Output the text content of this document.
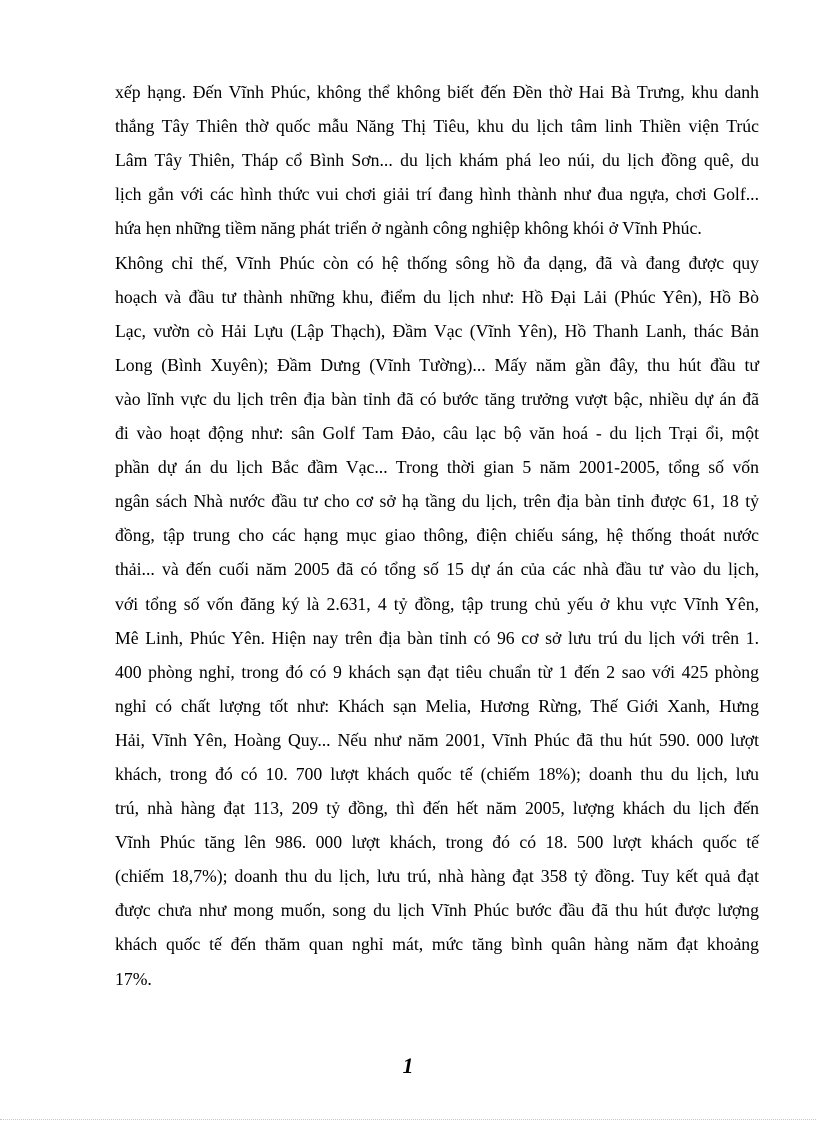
xếp hạng. Đến Vĩnh Phúc, không thể không biết đến Đền thờ Hai Bà Trưng, khu danh
thắng Tây Thiên thờ quốc mẫu Năng Thị Tiêu, khu du lịch tâm linh Thiền viện Trúc
Lâm Tây Thiên, Tháp cổ Bình Sơn... du lịch khám phá leo núi, du lịch đồng quê, du
lịch gắn với các hình thức vui chơi giải trí đang hình thành như đua ngựa, chơi Golf...
hứa hẹn những tiềm năng phát triển ở ngành công nghiệp không khói ở Vĩnh Phúc.
Không chỉ thế, Vĩnh Phúc còn có hệ thống sông hồ đa dạng, đã và đang được quy
hoạch và đầu tư thành những khu, điểm du lịch như: Hồ Đại Lải (Phúc Yên), Hồ Bò
Lạc, vườn cò Hải Lựu (Lập Thạch), Đầm Vạc (Vĩnh Yên), Hồ Thanh Lanh, thác Bản
Long (Bình Xuyên); Đầm Dưng (Vĩnh Tường)... Mấy năm gần đây, thu hút đầu tư
vào lĩnh vực du lịch trên địa bàn tỉnh đã có bước tăng trưởng vượt bậc, nhiều dự án đã
đi vào hoạt động như: sân Golf Tam Đảo, câu lạc bộ văn hoá - du lịch Trại ổi, một
phần dự án du lịch Bắc đầm Vạc... Trong thời gian 5 năm 2001-2005, tổng số vốn
ngân sách Nhà nước đầu tư cho cơ sở hạ tầng du lịch, trên địa bàn tỉnh được 61, 18 tỷ
đồng, tập trung cho các hạng mục giao thông, điện chiếu sáng, hệ thống thoát nước
thải... và đến cuối năm 2005 đã có tổng số 15 dự án của các nhà đầu tư vào du lịch,
với tổng số vốn đăng ký là 2.631, 4 tỷ đồng, tập trung chủ yếu ở khu vực Vĩnh Yên,
Mê Linh, Phúc Yên. Hiện nay trên địa bàn tỉnh có 96 cơ sở lưu trú du lịch với trên 1.
400 phòng nghỉ, trong đó có 9 khách sạn đạt tiêu chuẩn từ 1 đến 2 sao với 425 phòng
nghỉ có chất lượng tốt như: Khách sạn Melia, Hương Rừng, Thế Giới Xanh, Hưng
Hải, Vĩnh Yên, Hoàng Quy... Nếu như năm 2001, Vĩnh Phúc đã thu hút 590. 000 lượt
khách, trong đó có 10. 700 lượt khách quốc tế (chiếm 18%); doanh thu du lịch, lưu
trú, nhà hàng đạt 113, 209 tỷ đồng, thì đến hết năm 2005, lượng khách du lịch đến
Vĩnh Phúc tăng lên 986. 000 lượt khách, trong đó có 18. 500 lượt khách quốc tế
(chiếm 18,7%); doanh thu du lịch, lưu trú, nhà hàng đạt 358 tỷ đồng. Tuy kết quả đạt
được chưa như mong muốn, song du lịch Vĩnh Phúc bước đầu đã thu hút được lượng
khách quốc tế đến thăm quan nghỉ mát, mức tăng bình quân hàng năm đạt khoảng
17%.
1
